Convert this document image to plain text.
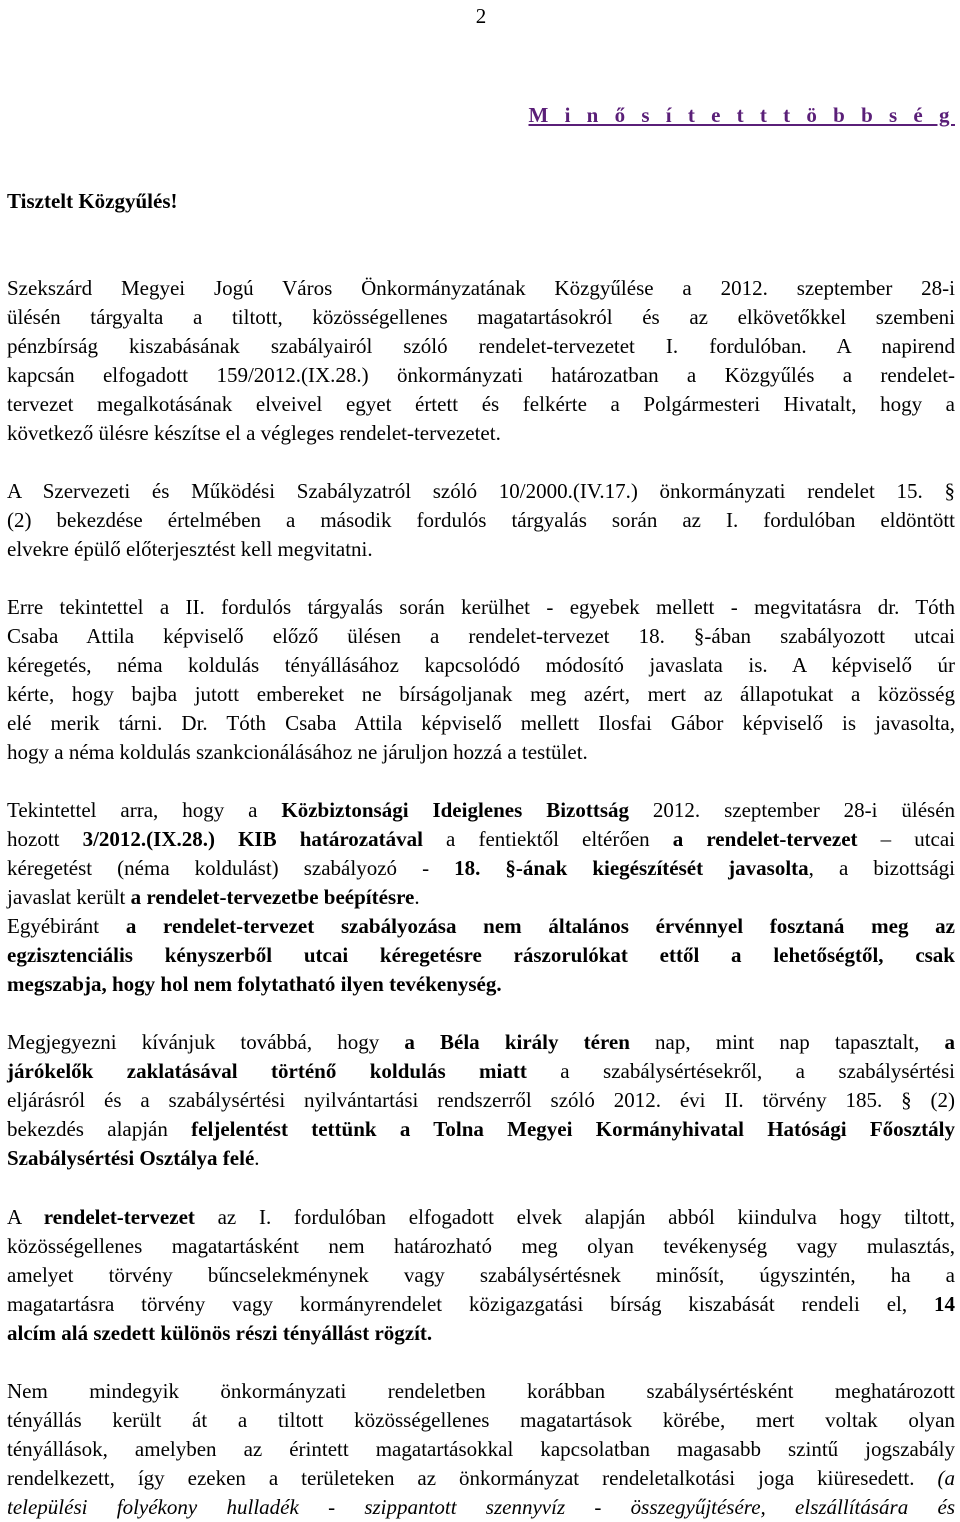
2
M i n ő s í t e t t t ö b b s é g
Tisztelt Közgyűlés!
Szekszárd Megyei Jogú Város Önkormányzatának Közgyűlése a 2012. szeptember 28-i
ülésén tárgyalta a tiltott, közösségellenes magatartásokról és az elkövetőkkel szembeni
pénzbírság kiszabásának szabályairól szóló rendelet-tervezetet I. fordulóban. A napirend
kapcsán elfogadott 159/2012.(IX.28.) önkormányzati határozatban a Közgyűlés a rendelet-
tervezet megalkotásának elveivel egyet értett és felkérte a Polgármesteri Hivatalt, hogy a
következő ülésre készítse el a végleges rendelet-tervezetet.
A Szervezeti és Működési Szabályzatról szóló 10/2000.(IV.17.) önkormányzati rendelet 15. §
(2) bekezdése értelmében a második fordulós tárgyalás során az I. fordulóban eldöntött
elvekre épülő előterjesztést kell megvitatni.
Erre tekintettel a II. fordulós tárgyalás során kerülhet - egyebek mellett - megvitatásra dr. Tóth
Csaba Attila képviselő előző ülésen a rendelet-tervezet 18. §-ában szabályozott utcai
kéregetés, néma koldulás tényállásához kapcsolódó módosító javaslata is. A képviselő úr
kérte, hogy bajba jutott embereket ne bírságoljanak meg azért, mert az állapotukat a közösség
elé merik tárni. Dr. Tóth Csaba Attila képviselő mellett Ilosfai Gábor képviselő is javasolta,
hogy a néma koldulás szankcionálásához ne járuljon hozzá a testület.
Tekintettel arra, hogy a Közbiztonsági Ideiglenes Bizottság 2012. szeptember 28-i ülésén
hozott 3/2012.(IX.28.) KIB határozatával a fentiektől eltérően a rendelet-tervezet – utcai
kéregetést (néma koldulást) szabályozó - 18. §-ának kiegészítését javasolta, a bizottsági
javaslat került a rendelet-tervezetbe beépítésre.
Egyébiránt a rendelet-tervezet szabályozása nem általános érvénnyel fosztaná meg az
egzisztenciális kényszerből utcai kéregetésre rászorulókat ettől a lehetőségtől, csak
megszabja, hogy hol nem folytatható ilyen tevékenység.
Megjegyezni kívánjuk továbbá, hogy a Béla király téren nap, mint nap tapasztalt, a
járókelők zaklatásával történő koldulás miatt a szabálysértésekről, a szabálysértési
eljárásról és a szabálysértési nyilvántartási rendszerről szóló 2012. évi II. törvény 185. § (2)
bekezdés alapján feljelentést tettünk a Tolna Megyei Kormányhivatal Hatósági Főosztály
Szabálysértési Osztálya felé.
A rendelet-tervezet az I. fordulóban elfogadott elvek alapján abból kiindulva hogy tiltott,
közösségellenes magatartásként nem határozható meg olyan tevékenység vagy mulasztás,
amelyet törvény bűncselekménynek vagy szabálysértésnek minősít, úgyszintén, ha a
magatartásra törvény vagy kormányrendelet közigazgatási bírság kiszabását rendeli el, 14
alcím alá szedett különös részi tényállást rögzít.
Nem mindegyik önkormányzati rendeletben korábban szabálysértésként meghatározott
tényállás került át a tiltott közösségellenes magatartások körébe, mert voltak olyan
tényállások, amelyben az érintett magatartásokkal kapcsolatban magasabb szintű jogszabály
rendelkezett, így ezeken a területeken az önkormányzat rendeletalkotási joga kiüresedett. (a
települési folyékony hulladék - szippantott szennyvíz - összegyűjtésére, elszállítására és
